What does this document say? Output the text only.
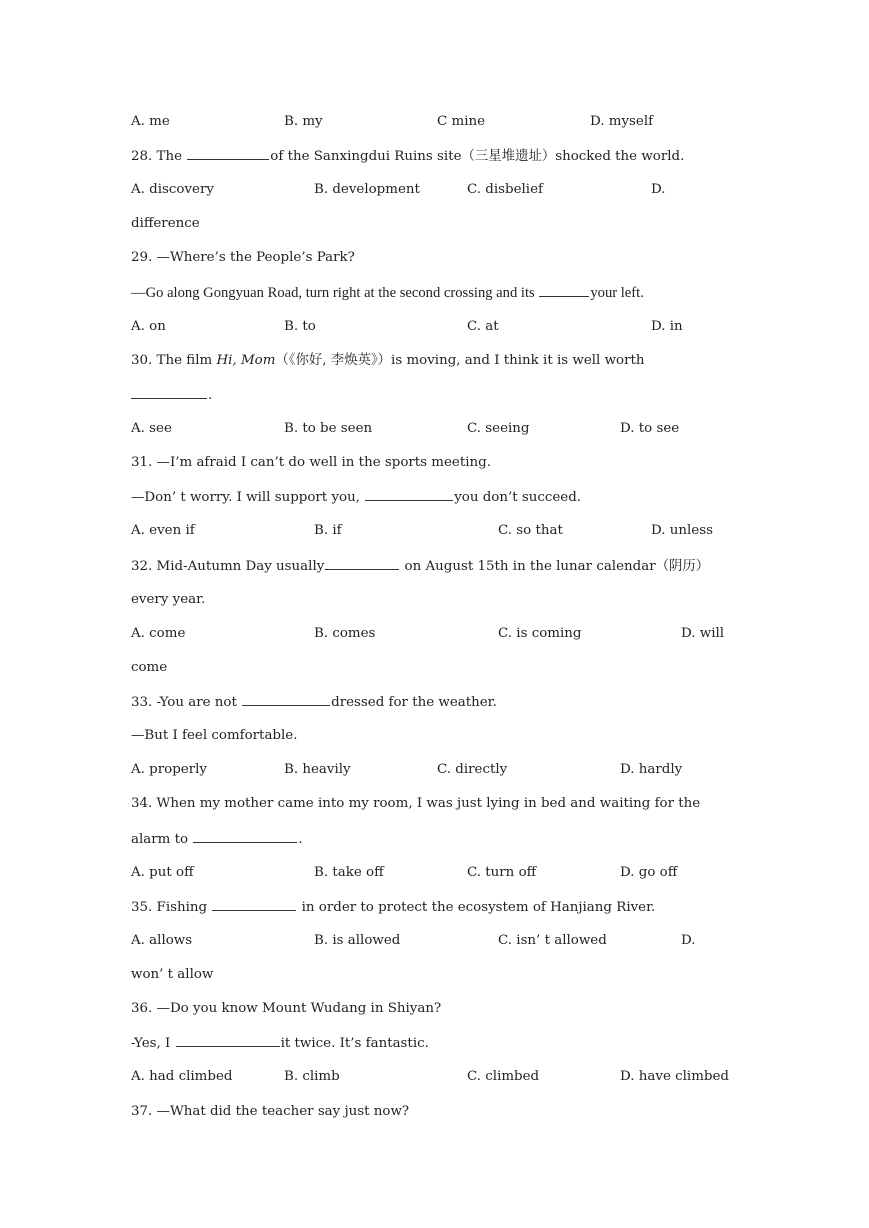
A. me	B. my	C mine	D. myself
28. The	of the Sanxingdui Ruins site（三星堆遗址）shocked the world.
A. discovery	B. development	C. disbelief	D.
difference
29. —Where’s the People’s Park?
—Go along Gongyuan Road, turn right at the second crossing and its	your left.
A. on	B. to	C. at	D. in
30. The film Hi, Mom（《你好, 李焕英》）is moving, and I think it is well worth
.
A. see	B. to be seen	C. seeing	D. to see
31. —I’m afraid I can’t do well in the sports meeting.
—Don’ t worry. I will support you,	you don’t succeed.
A. even if	B. if	C. so that	D. unless
32. Mid-Autumn Day usually	on August 15th in the lunar calendar（阴历）
every year.
A. come	B. comes	C. is coming	D. will
come
33. -You are not	dressed for the weather.
—But I feel comfortable.
A. properly	B. heavily	C. directly	D. hardly
34. When my mother came into my room, I was just lying in bed and waiting for the
alarm to	.
A. put off	B. take off	C. turn off	D. go off
35. Fishing	in order to protect the ecosystem of Hanjiang River.
A. allows	B. is allowed	C. isn’ t allowed	D.
won’ t allow
36. —Do you know Mount Wudang in Shiyan?
-Yes, I	it twice. It’s fantastic.
A. had climbed	B. climb	C. climbed	D. have climbed
37. —What did the teacher say just now?
